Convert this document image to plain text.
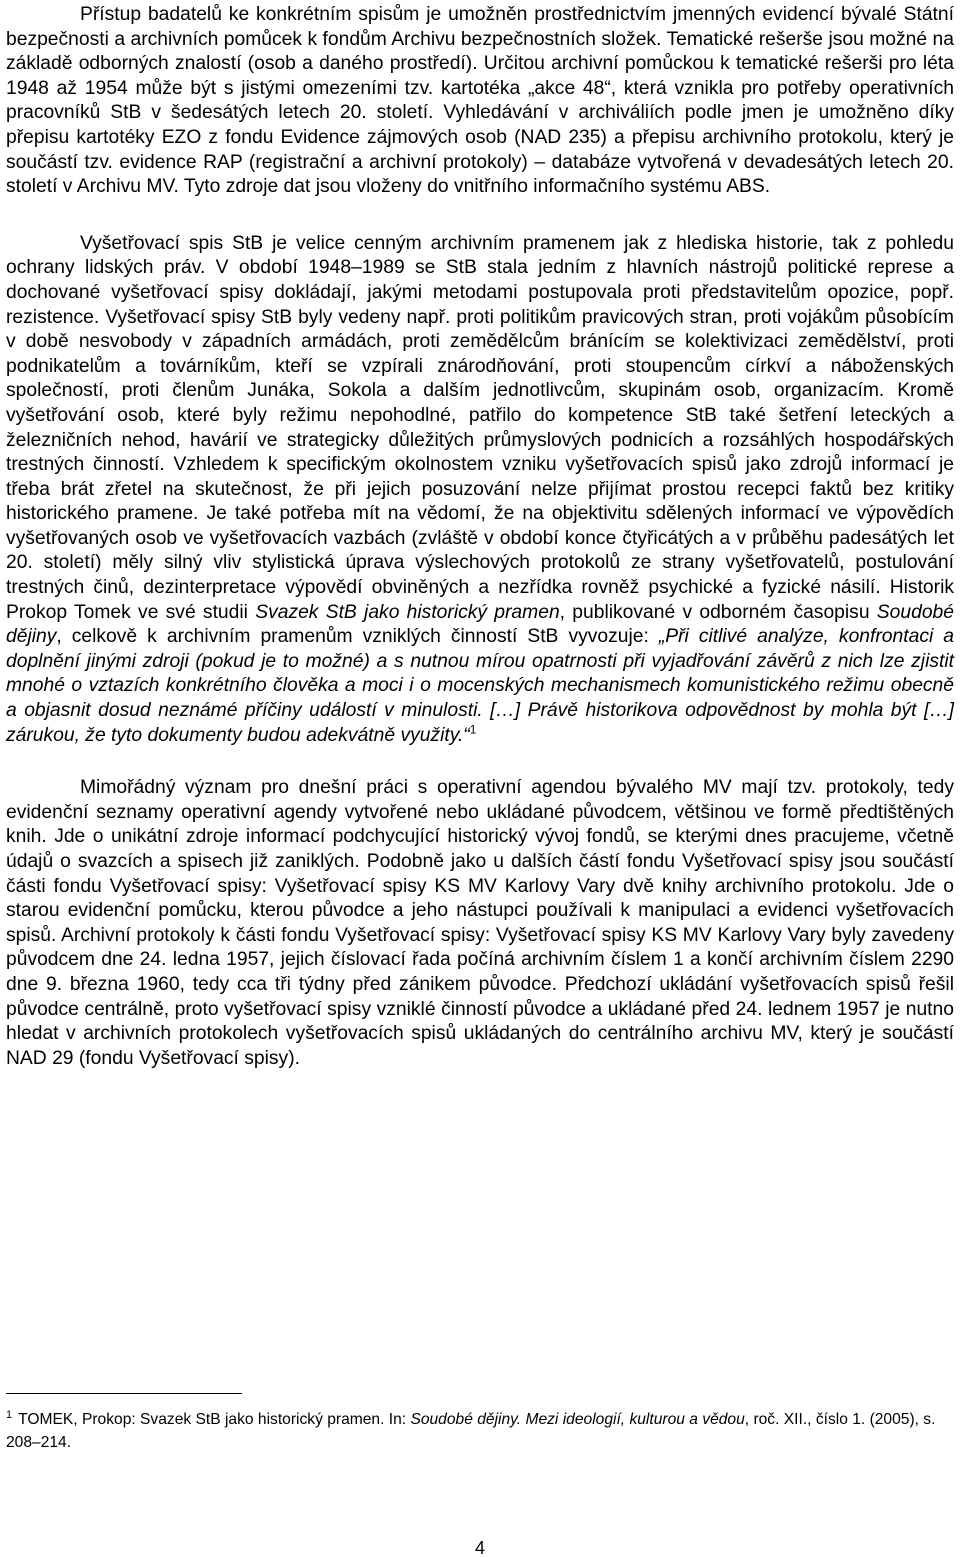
Přístup badatelů ke konkrétním spisům je umožněn prostřednictvím jmenných evidencí bývalé Státní bezpečnosti a archivních pomůcek k fondům Archivu bezpečnostních složek. Tematické rešerše jsou možné na základě odborných znalostí (osob a daného prostředí). Určitou archivní pomůckou k tematické rešerši pro léta 1948 až 1954 může být s jistými omezeními tzv. kartotéka „akce 48“, která vznikla pro potřeby operativních pracovníků StB v šedesátých letech 20. století. Vyhledávání v archiváliích podle jmen je umožněno díky přepisu kartotéky EZO z fondu Evidence zájmových osob (NAD 235) a přepisu archivního protokolu, který je součástí tzv. evidence RAP (registrační a archivní protokoly) – databáze vytvořená v devadesátých letech 20. století v Archivu MV. Tyto zdroje dat jsou vloženy do vnitřního informačního systému ABS.

Vyšetřovací spis StB je velice cenným archivním pramenem jak z hlediska historie, tak z pohledu ochrany lidských práv. V období 1948–1989 se StB stala jedním z hlavních nástrojů politické represe a dochované vyšetřovací spisy dokládají, jakými metodami postupovala proti představitelům opozice, popř. rezistence. Vyšetřovací spisy StB byly vedeny např. proti politikům pravicových stran, proti vojákům působícím v době nesvobody v západních armádách, proti zemědělcům bránícím se kolektivizaci zemědělství, proti podnikatelům a továrníkům, kteří se vzpírali znárodňování, proti stoupencům církví a náboženských společností, proti členům Junáka, Sokola a dalším jednotlivcům, skupinám osob, organizacím. Kromě vyšetřování osob, které byly režimu nepohodlné, patřilo do kompetence StB také šetření leteckých a železničních nehod, havárií ve strategicky důležitých průmyslových podnicích a rozsáhlých hospodářských trestných činností. Vzhledem k specifickým okolnostem vzniku vyšetřovacích spisů jako zdrojů informací je třeba brát zřetel na skutečnost, že při jejich posuzování nelze přijímat prostou recepci faktů bez kritiky historického pramene. Je také potřeba mít na vědomí, že na objektivitu sdělených informací ve výpovědích vyšetřovaných osob ve vyšetřovacích vazbách (zvláště v období konce čtyřicátých a v průběhu padesátých let 20. století) měly silný vliv stylistická úprava výslechových protokolů ze strany vyšetřovatelů, postulování trestných činů, dezinterpretace výpovědí obviněných a nezřídka rovněž psychické a fyzické násilí. Historik Prokop Tomek ve své studii Svazek StB jako historický pramen, publikované v odborném časopisu Soudobé dějiny, celkově k archivním pramenům vzniklých činností StB vyvozuje: „Při citlivé analýze, konfrontaci a doplnění jinými zdroji (pokud je to možné) a s nutnou mírou opatrnosti při vyjadřování závěrů z nich lze zjistit mnohé o vztazích konkrétního člověka a moci i o mocenských mechanismech komunistického režimu obecně a objasnit dosud neznámé příčiny událostí v minulosti. […] Právě historikova odpovědnost by mohla být […] zárukou, že tyto dokumenty budou adekvátně využity.“$^1$

Mimořádný význam pro dnešní práci s operativní agendou bývalého MV mají tzv. protokoly, tedy evidenční seznamy operativní agendy vytvořené nebo ukládané původcem, většinou ve formě předtištěných knih. Jde o unikátní zdroje informací podchycující historický vývoj fondů, se kterými dnes pracujeme, včetně údajů o svazcích a spisech již zaniklých. Podobně jako u dalších částí fondu Vyšetřovací spisy jsou součástí části fondu Vyšetřovací spisy: Vyšetřovací spisy KS MV Karlovy Vary dvě knihy archivního protokolu. Jde o starou evidenční pomůcku, kterou původce a jeho nástupci používali k manipulaci a evidenci vyšetřovacích spisů. Archivní protokoly k části fondu Vyšetřovací spisy: Vyšetřovací spisy KS MV Karlovy Vary byly zavedeny původcem dne 24. ledna 1957, jejich číslovací řada počíná archivním číslem 1 a končí archivním číslem 2290 dne 9. března 1960, tedy cca tři týdny před zánikem původce. Předchozí ukládání vyšetřovacích spisů řešil původce centrálně, proto vyšetřovací spisy vzniklé činností původce a ukládané před 24. lednem 1957 je nutno hledat v archivních protokolech vyšetřovacích spisů ukládaných do centrálního archivu MV, který je součástí NAD 29 (fondu Vyšetřovací spisy).

$^1$ TOMEK, Prokop: Svazek StB jako historický pramen. In: Soudobé dějiny. Mezi ideologií, kulturou a vědou, roč. XII., číslo 1. (2005), s. 208–214.

4
